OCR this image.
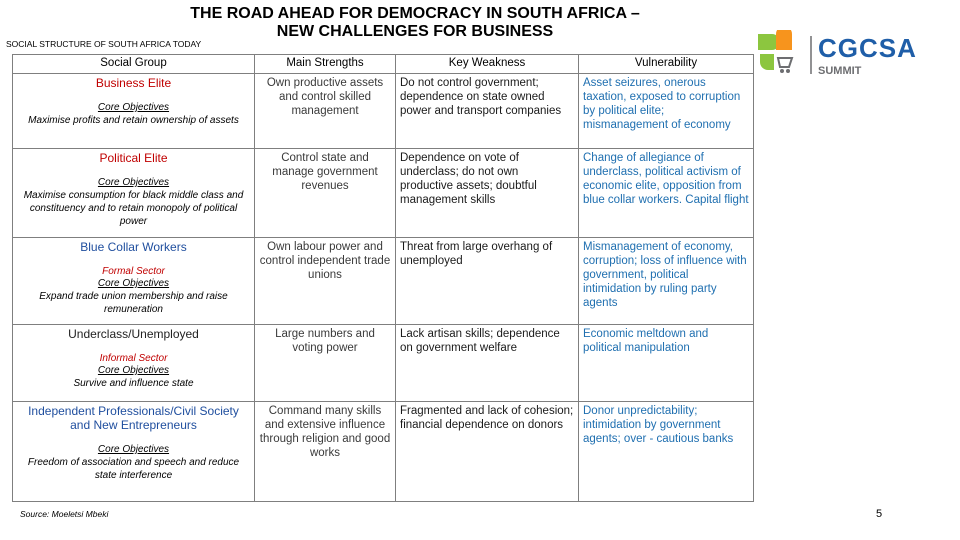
THE ROAD AHEAD FOR DEMOCRACY IN SOUTH AFRICA –
NEW CHALLENGES FOR BUSINESS
SOCIAL STRUCTURE OF SOUTH AFRICA TODAY	CGCSA
SUMMIT
Social Group	Main Strengths	Key Weakness	Vulnerability

Business Elite
Core Objectives
Maximise profits and retain ownership of assets	Own productive assets and control skilled management	Do not control government; dependence on state owned power and transport companies	Asset seizures, onerous taxation, exposed to corruption by political elite; mismanagement of economy

Political Elite
Core Objectives
Maximise consumption for black middle class and constituency and to retain monopoly of political power	Control state and manage government revenues	Dependence on vote of underclass; do not own productive assets; doubtful management skills	Change of allegiance of underclass, political activism of economic elite, opposition from blue collar workers. Capital flight

Blue Collar Workers
Formal Sector
Core Objectives
Expand trade union membership and raise remuneration	Own labour power and control independent trade unions	Threat from large overhang of unemployed	Mismanagement of economy, corruption; loss of influence with government, political intimidation by ruling party agents

Underclass/Unemployed
Informal Sector
Core Objectives
Survive and influence state	Large numbers and voting power	Lack artisan skills; dependence on government welfare	Economic meltdown and political manipulation

Independent Professionals/Civil Society and New Entrepreneurs
Core Objectives
Freedom of association and speech and reduce state interference	Command many skills and extensive influence through religion and good works	Fragmented and lack of cohesion; financial dependence on donors	Donor unpredictability; intimidation by government agents; over - cautious banks
Source: Moeletsi Mbeki	5
